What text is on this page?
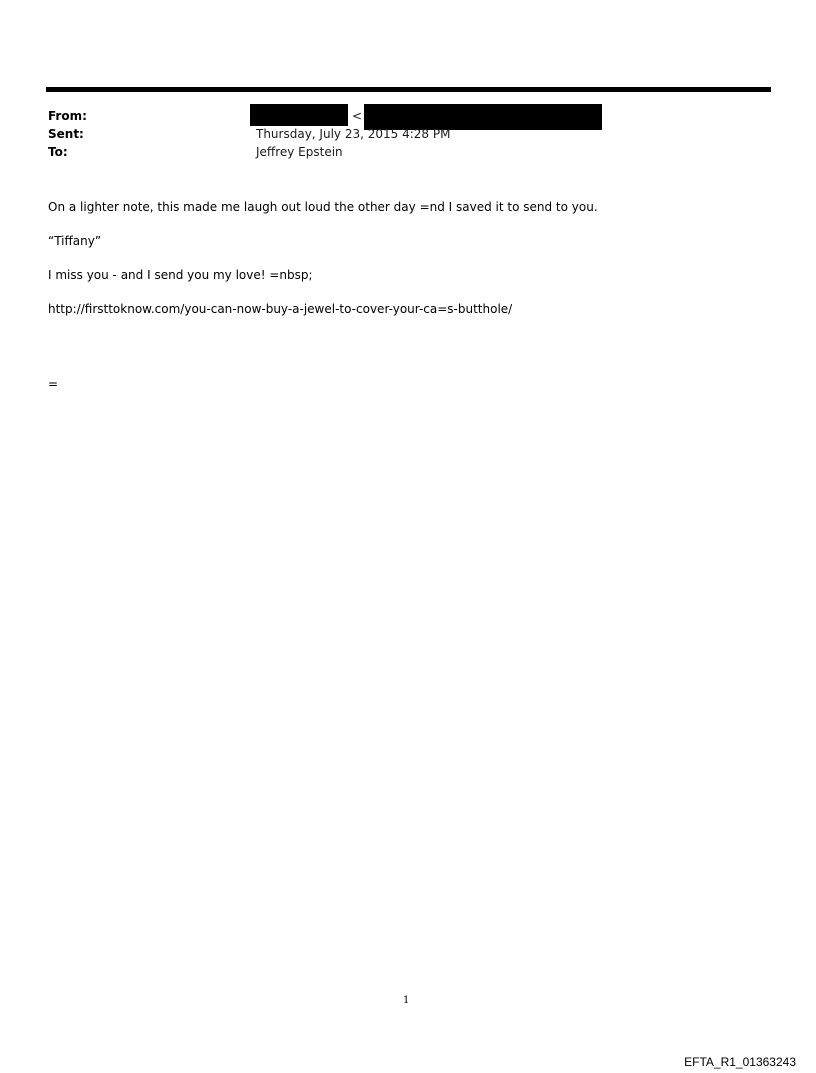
From:	<
Sent:	Thursday, July 23, 2015 4:28 PM
To:	Jeffrey Epstein
On a lighter note, this made me laugh out loud the other day =nd I saved it to send to you.
“Tiffany”
I miss you - and I send you my love! =nbsp;
http://firsttoknow.com/you-can-now-buy-a-jewel-to-cover-your-ca=s-butthole/
=
1
EFTA_R1_01363243
